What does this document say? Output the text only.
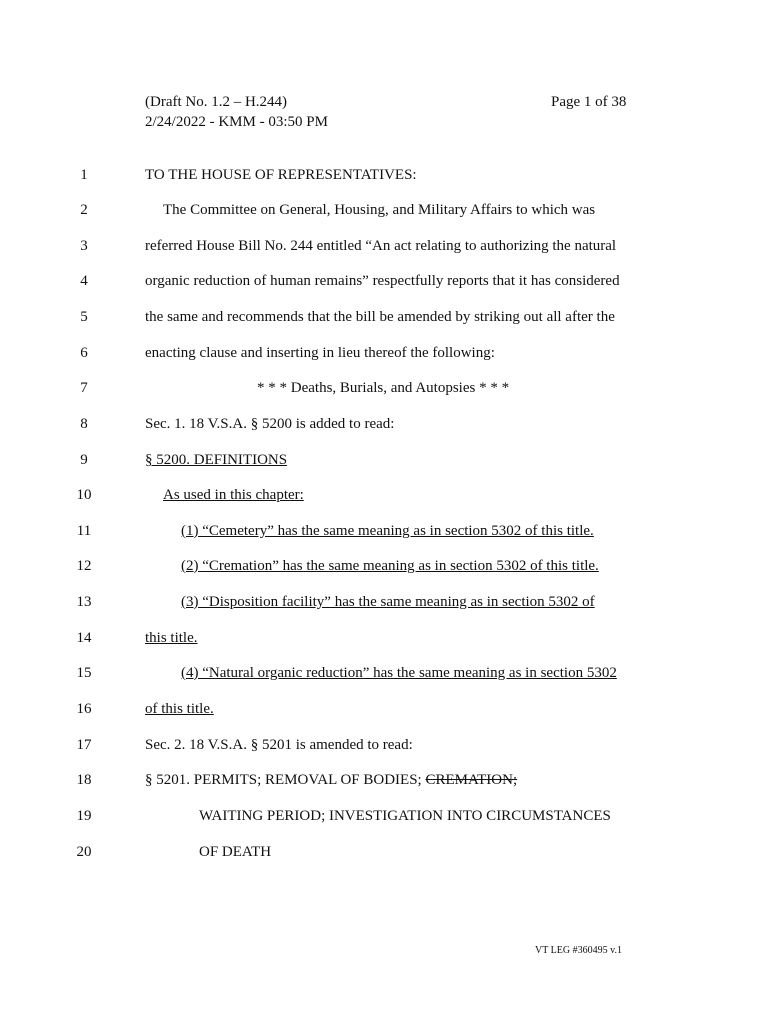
(Draft No. 1.2 – H.244)
2/24/2022 - KMM - 03:50 PM
Page 1 of 38
1	TO THE HOUSE OF REPRESENTATIVES:
2	The Committee on General, Housing, and Military Affairs to which was
3	referred House Bill No. 244 entitled “An act relating to authorizing the natural
4	organic reduction of human remains” respectfully reports that it has considered
5	the same and recommends that the bill be amended by striking out all after the
6	enacting clause and inserting in lieu thereof the following:
7	* * * Deaths, Burials, and Autopsies * * *
8	Sec. 1. 18 V.S.A. § 5200 is added to read:
9	§ 5200. DEFINITIONS
10	As used in this chapter:
11	(1) “Cemetery” has the same meaning as in section 5302 of this title.
12	(2) “Cremation” has the same meaning as in section 5302 of this title.
13	(3) “Disposition facility” has the same meaning as in section 5302 of
14	this title.
15	(4) “Natural organic reduction” has the same meaning as in section 5302
16	of this title.
17	Sec. 2. 18 V.S.A. § 5201 is amended to read:
18	§ 5201. PERMITS; REMOVAL OF BODIES; CREMATION;
19	WAITING PERIOD; INVESTIGATION INTO CIRCUMSTANCES
20	OF DEATH
VT LEG #360495 v.1
